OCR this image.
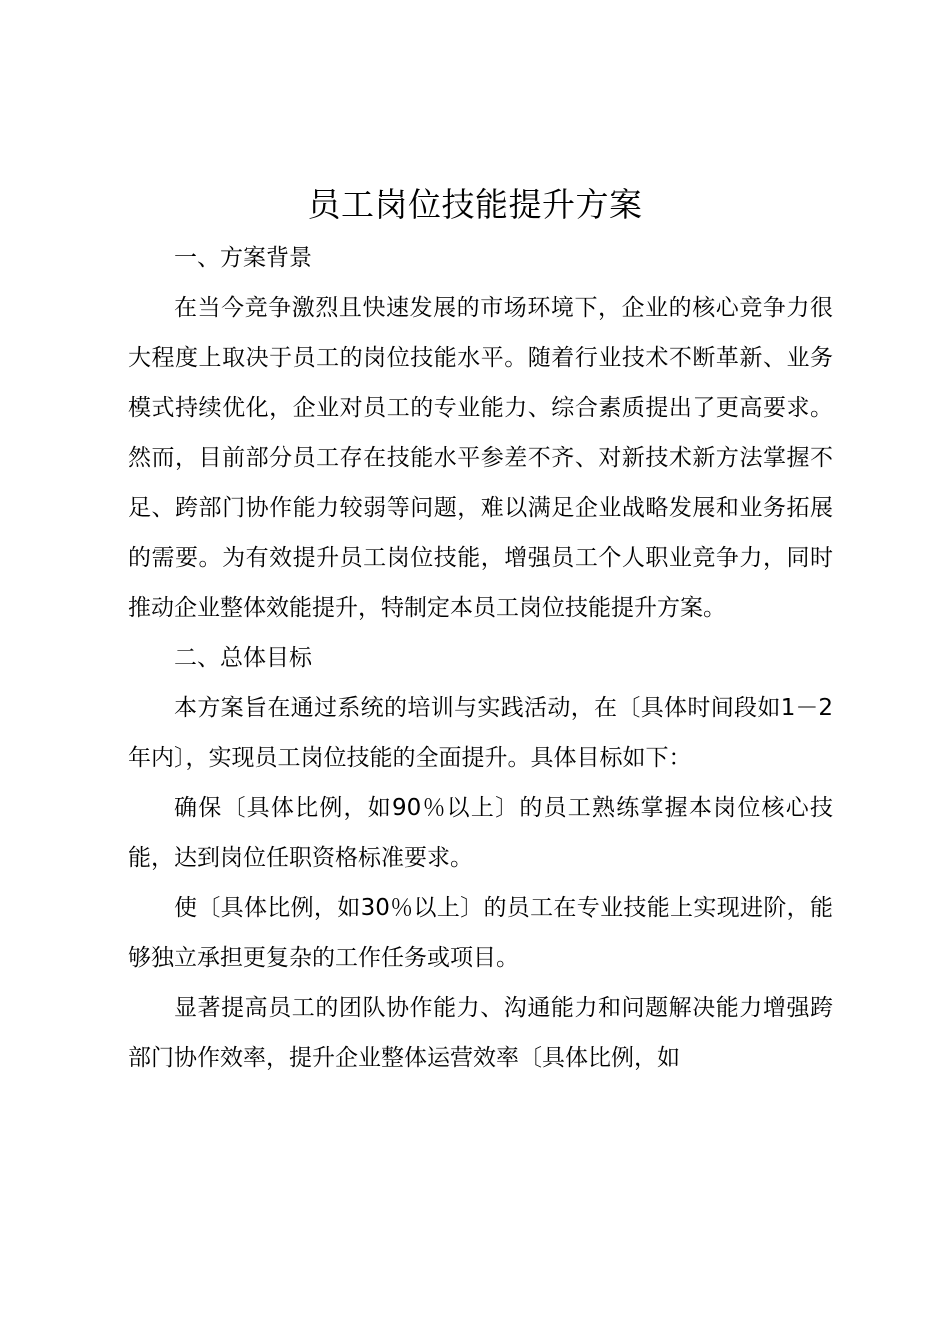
员工岗位技能提升方案

一、方案背景

在当今竞争激烈且快速发展的市场环境下，企业的核心竞争力很大程度上取决于员工的岗位技能水平。随着行业技术不断革新、业务模式持续优化，企业对员工的专业能力、综合素质提出了更高要求。然而，目前部分员工存在技能水平参差不齐、对新技术新方法掌握不足、跨部门协作能力较弱等问题，难以满足企业战略发展和业务拓展的需要。为有效提升员工岗位技能，增强员工个人职业竞争力，同时推动企业整体效能提升，特制定本员工岗位技能提升方案。

二、总体目标

本方案旨在通过系统的培训与实践活动，在〔具体时间段如1－2年内〕，实现员工岗位技能的全面提升。具体目标如下：

确保〔具体比例，如90％以上〕的员工熟练掌握本岗位核心技能，达到岗位任职资格标准要求。

使〔具体比例，如30％以上〕的员工在专业技能上实现进阶，能够独立承担更复杂的工作任务或项目。

显著提高员工的团队协作能力、沟通能力和问题解决能力增强跨部门协作效率，提升企业整体运营效率〔具体比例，如
